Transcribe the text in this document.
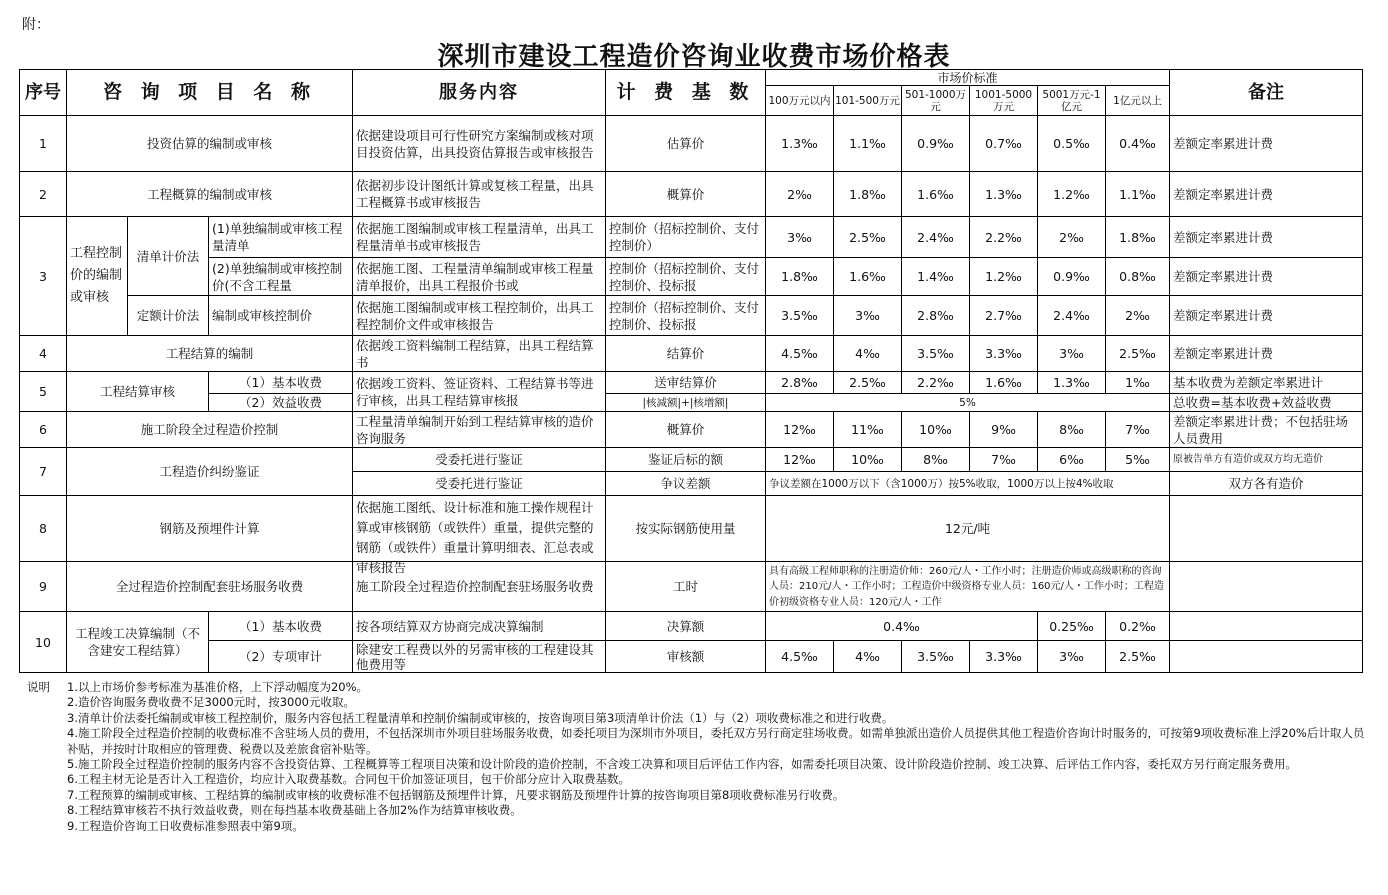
附：
深圳市建设工程造价咨询业收费市场价格表
序号	咨 询 项 目 名 称			服务内容	计 费 基 数	市场价标准						备注
						100万元以内	101-500万元	501-1000万元	1001-5000万元	5001万元-1亿元	1亿元以上	
1	投资估算的编制或审核			依据建设项目可行性研究方案编制或核对项目投资估算，出具投资估算报告或审核报告	估算价	1.3‰	1.1‰	0.9‰	0.7‰	0.5‰	0.4‰	差额定率累进计费
2	工程概算的编制或审核			依据初步设计图纸计算或复核工程量，出具工程概算书或审核报告	概算价	2‰	1.8‰	1.6‰	1.3‰	1.2‰	1.1‰	差额定率累进计费
3	工程控制价的编制或审核	清单计价法	(1)单独编制或审核工程量清单	依据施工图编制或审核工程量清单，出具工程量清单书或审核报告	控制价（招标控制价、支付控制价）	3‰	2.5‰	2.4‰	2.2‰	2‰	1.8‰	差额定率累进计费

			(2)单独编制或审核控制价(不含工程量	依据施工图、工程量清单编制或审核工程量清单报价，出具工程报价书或	控制价（招标控制价、支付控制价、投标报	1.8‰	1.6‰	1.4‰	1.2‰	0.9‰	0.8‰	差额定率累进计费
		定额计价法	编制或审核控制价	依据施工图编制或审核工程控制价，出具工程控制价文件或审核报告	控制价（招标控制价、支付控制价、投标报	3.5‰	3‰	2.8‰	2.7‰	2.4‰	2‰	差额定率累进计费
4	工程结算的编制			依据竣工资料编制工程结算，出具工程结算书	结算价	4.5‰	4‰	3.5‰	3.3‰	3‰	2.5‰	差额定率累进计费
5	工程结算审核		（1）基本收费	依据竣工资料、签证资料、工程结算书等进行审核，出具工程结算审核报	送审结算价	2.8‰	2.5‰	2.2‰	1.6‰	1.3‰	1‰	基本收费为差额定率累进计
			（2）效益收费		|核减额|+|核增额|	5%						总收费=基本收费+效益收费
6	施工阶段全过程造价控制			工程量清单编制开始到工程结算审核的造价咨询服务	概算价	12‰	11‰	10‰	9‰	8‰	7‰	差额定率累进计费；不包括驻场人员费用

7	工程造价纠纷鉴证			受委托进行鉴证	鉴证后标的额	12‰	10‰	8‰	7‰	6‰	5‰	原被告单方有造价或双方均无造价
				受委托进行鉴证	争议差额	争议差额在1000万以下（含1000万）按5%收取，1000万以上按4%收取						双方各有造价
8	钢筋及预埋件计算			依据施工图纸、设计标准和施工操作规程计算或审核钢筋（或铁件）重量，提供完整的钢筋（或铁件）重量计算明细表、汇总表或审核报告	按实际钢筋使用量	12元/吨						
9	全过程造价控制配套驻场服务收费			施工阶段全过程造价控制配套驻场服务收费	工时	具有高级工程师职称的注册造价师：260元/人・工作小时；注册造价师或高级职称的咨询人员：210元/人・工作小时；工程造价中级资格专业人员：160元/人・工作小时；工程造价初级资格专业人员：120元/人・工作						

10	工程竣工决算编制（不含建安工程结算）		（1）基本收费	按各项结算双方协商完成决算编制	决算额	0.4‰				0.25‰	0.2‰	
			（2）专项审计	除建安工程费以外的另需审核的工程建设其他费用等	审核额	4.5‰	4‰	3.5‰	3.3‰	3‰	2.5‰	
说明	1.以上市场价参考标准为基准价格，上下浮动幅度为20%。
2.造价咨询服务费收费不足3000元时，按3000元收取。
3.清单计价法委托编制或审核工程控制价，服务内容包括工程量清单和控制价编制或审核的，按咨询项目第3项清单计价法（1）与（2）项收费标准之和进行收费。
4.施工阶段全过程造价控制的收费标准不含驻场人员的费用，不包括深圳市外项目驻场服务收费，如委托项目为深圳市外项目，委托双方另行商定驻场收费。如需单独派出造价人员提供其他工程造价咨询计时服务的，可按第9项收费标准上浮20%后计取人员补贴，并按时计取相应的管理费、税费以及差旅食宿补贴等。
5.施工阶段全过程造价控制的服务内容不含投资估算、工程概算等工程项目决策和设计阶段的造价控制，不含竣工决算和项目后评估工作内容，如需委托项目决策、设计阶段造价控制、竣工决算、后评估工作内容，委托双方另行商定服务费用。
6.工程主材无论是否计入工程造价，均应计入取费基数。合同包干价加签证项目，包干价部分应计入取费基数。
7.工程预算的编制或审核、工程结算的编制或审核的收费标准不包括钢筋及预埋件计算，凡要求钢筋及预埋件计算的按咨询项目第8项收费标准另行收费。
8.工程结算审核若不执行效益收费，则在每挡基本收费基础上各加2%作为结算审核收费。
9.工程造价咨询工日收费标准参照表中第9项。
